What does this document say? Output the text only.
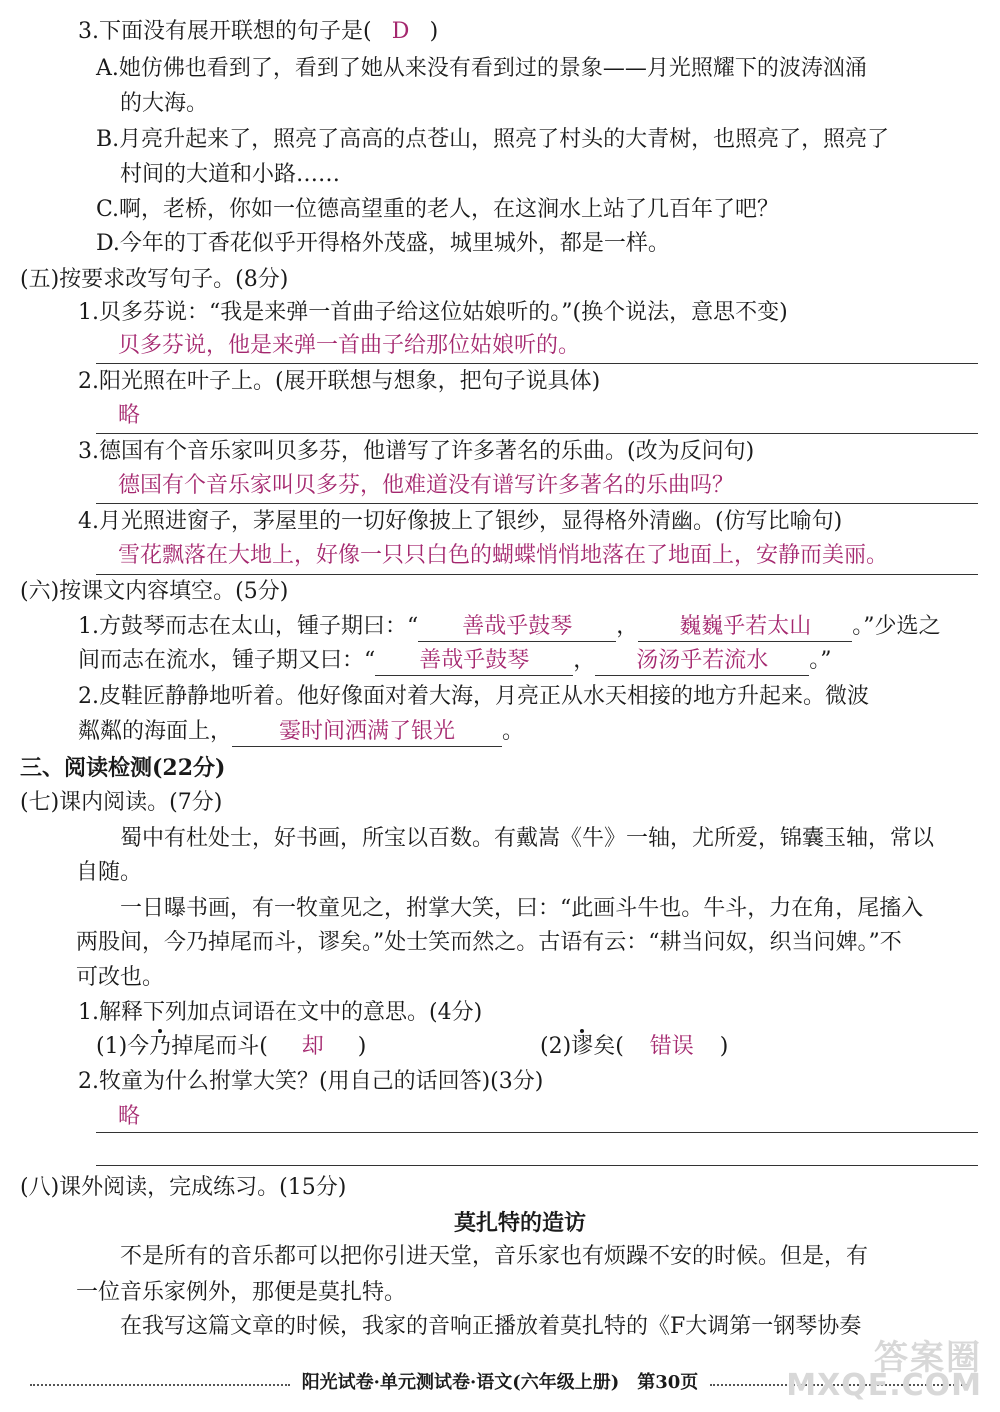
3.下面没有展开联想的句子是( D )
A.她仿佛也看到了，看到了她从来没有看到过的景象——月光照耀下的波涛汹涌
的大海。
B.月亮升起来了，照亮了高高的点苍山，照亮了村头的大青树，也照亮了，照亮了
村间的大道和小路……
C.啊，老桥，你如一位德高望重的老人，在这涧水上站了几百年了吧？
D.今年的丁香花似乎开得格外茂盛，城里城外，都是一样。
(五)按要求改写句子。(8分)
1.贝多芬说：“我是来弹一首曲子给这位姑娘听的。”(换个说法，意思不变)
贝多芬说，他是来弹一首曲子给那位姑娘听的。
2.阳光照在叶子上。(展开联想与想象，把句子说具体)
略
3.德国有个音乐家叫贝多芬，他谱写了许多著名的乐曲。(改为反问句)
德国有个音乐家叫贝多芬，他难道没有谱写许多著名的乐曲吗？
4.月光照进窗子，茅屋里的一切好像披上了银纱，显得格外清幽。(仿写比喻句)
雪花飘落在大地上，好像一只只白色的蝴蝶悄悄地落在了地面上，安静而美丽。
(六)按课文内容填空。(5分)
1.方鼓琴而志在太山，锺子期曰：“ 善哉乎鼓琴 ， 巍巍乎若太山 。”少选之
间而志在流水，锺子期又曰：“ 善哉乎鼓琴 ， 汤汤乎若流水 。”
2.皮鞋匠静静地听着。他好像面对着大海，月亮正从水天相接的地方升起来。微波
粼粼的海面上， 霎时间洒满了银光 。
三、阅读检测(22分)
(七)课内阅读。(7分)
蜀中有杜处士，好书画，所宝以百数。有戴嵩《牛》一轴，尤所爱，锦囊玉轴，常以
自随。
一日曝书画，有一牧童见之，拊掌大笑，曰：“此画斗牛也。牛斗，力在角，尾搐入
两股间，今乃掉尾而斗，谬矣。”处士笑而然之。古语有云：“耕当问奴，织当问婢。”不
可改也。
1.解释下列加点词语在文中的意思。(4分)
(1)今乃掉尾而斗( 却 )	(2)谬矣( 错误 )
2.牧童为什么拊掌大笑？(用自己的话回答)(3分)
略
(八)课外阅读，完成练习。(15分)
莫扎特的造访
不是所有的音乐都可以把你引进天堂，音乐家也有烦躁不安的时候。但是，有
一位音乐家例外，那便是莫扎特。
在我写这篇文章的时候，我家的音响正播放着莫扎特的《F大调第一钢琴协奏
阳光试卷·单元测试卷·语文(六年级上册)　第30页
答案圈
MXQE.COM
